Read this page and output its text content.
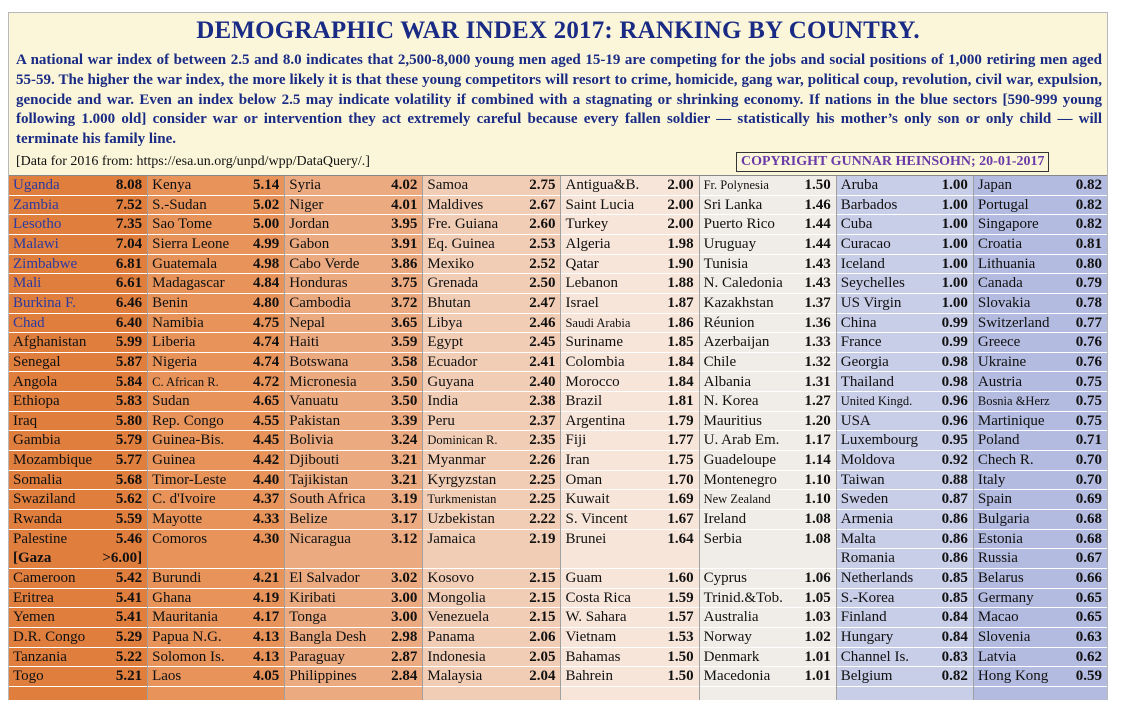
DEMOGRAPHIC WAR INDEX 2017: RANKING BY COUNTRY.
A national war index of between 2.5 and 8.0 indicates that 2,500-8,000 young men aged 15-19 are competing for the jobs and social positions of 1,000 retiring men aged 55-59. The higher the war index, the more likely it is that these young competitors will resort to crime, homicide, gang war, political coup, revolution, civil war, expulsion, genocide and war. Even an index below 2.5 may indicate volatility if combined with a stagnating or shrinking economy. If nations in the blue sectors [590-999 young following 1.000 old] consider war or intervention they act extremely careful because every fallen soldier — statistically his mother’s only son or only child — will terminate his family line.
[Data for 2016 from: https://esa.un.org/unpd/wpp/DataQuery/.]	COPYRIGHT GUNNAR HEINSOHN; 20-01-2017
Uganda	8.08
Zambia	7.52
Lesotho	7.35
Malawi	7.04
Zimbabwe	6.81
Mali	6.61
Burkina F.	6.46
Chad	6.40
Afghanistan 5.99
Senegal	5.87
Angola	5.84
Ethiopa	5.83
Iraq	5.80
Gambia	5.79
Mozambique 5.77
Somalia	5.68
Swaziland	5.62
Rwanda	5.59
Palestine	5.46
[Gaza	>6.00]
Cameroon	5.42
Eritrea	5.41
Yemen	5.41
D.R. Congo 5.29
Tanzania	5.22
Togo	5.21
Kenya	5.14
S.-Sudan	5.02
Sao Tome	5.00
Sierra Leone 4.99
Guatemala 4.98
Madagascar 4.84
Benin	4.80
Namibia	4.75
Liberia	4.74
Nigeria	4.74
C. African R. 4.72
Sudan	4.65
Rep. Congo 4.55
Guinea-Bis. 4.45
Guinea	4.42
Timor-Leste 4.40
C. d'Ivoire 4.37
Mayotte	4.33
Comoros	4.30
Burundi	4.21
Ghana	4.19
Mauritania 4.17
Papua N.G. 4.13
Solomon Is. 4.13
Laos	4.05
Syria	4.02
Niger	4.01
Jordan	3.95
Gabon	3.91
Cabo Verde 3.86
Honduras	3.75
Cambodia	3.72
Nepal	3.65
Haiti	3.59
Botswana	3.58
Micronesia 3.50
Vanuatu	3.50
Pakistan	3.39
Bolivia	3.24
Djibouti	3.21
Tajikistan	3.21
South Africa 3.19
Belize	3.17
Nicaragua	3.12
El Salvador 3.02
Kiribati	3.00
Tonga	3.00
Bangla Desh 2.98
Paraguay	2.87
Philippines 2.84
Samoa	2.75
Maldives	2.67
Fre. Guiana 2.60
Eq. Guinea 2.53
Mexiko	2.52
Grenada	2.50
Bhutan	2.47
Libya	2.46
Egypt	2.45
Ecuador	2.41
Guyana	2.40
India	2.38
Peru	2.37
Dominican R. 2.35
Myanmar	2.26
Kyrgyzstan 2.25
Turkmenistan 2.25
Uzbekistan 2.22
Jamaica	2.19
Kosovo	2.15
Mongolia	2.15
Venezuela	2.15
Panama	2.06
Indonesia	2.05
Malaysia	2.04
Antigua&B. 2.00
Saint Lucia 2.00
Turkey	2.00
Algeria	1.98
Qatar	1.90
Lebanon	1.88
Israel	1.87
Saudi Arabia 1.86
Suriname	1.85
Colombia	1.84
Morocco	1.84
Brazil	1.81
Argentina	1.79
Fiji	1.77
Iran	1.75
Oman	1.70
Kuwait	1.69
S. Vincent	1.67
Brunei	1.64
Guam	1.60
Costa Rica 1.59
W. Sahara	1.57
Vietnam	1.53
Bahamas	1.50
Bahrein	1.50
Fr. Polynesia 1.50
Sri Lanka	1.46
Puerto Rico 1.44
Uruguay	1.44
Tunisia	1.43
N. Caledonia 1.43
Kazakhstan 1.37
Réunion	1.36
Azerbaijan 1.33
Chile	1.32
Albania	1.31
N. Korea	1.27
Mauritius	1.20
U. Arab Em. 1.17
Guadeloupe 1.14
Montenegro 1.10
New Zealand 1.10
Ireland	1.08
Serbia	1.08
Cyprus	1.06
Trinid.&Tob. 1.05
Australia	1.03
Norway	1.02
Denmark	1.01
Macedonia 1.01
Aruba	1.00
Barbados	1.00
Cuba	1.00
Curacao	1.00
Iceland	1.00
Seychelles 1.00
US Virgin	1.00
China	0.99
France	0.99
Georgia	0.98
Thailand	0.98
United Kingd. 0.96
USA	0.96
Luxembourg 0.95
Moldova	0.92
Taiwan	0.88
Sweden	0.87
Armenia	0.86
Malta	0.86
Romania	0.86
Netherlands 0.85
S.-Korea	0.85
Finland	0.84
Hungary	0.84
Channel Is. 0.83
Belgium	0.82
Japan	0.82
Portugal	0.82
Singapore 0.82
Croatia	0.81
Lithuania	0.80
Canada	0.79
Slovakia	0.78
Switzerland 0.77
Greece	0.76
Ukraine	0.76
Austria	0.75
Bosnia &Herz 0.75
Martinique 0.75
Poland	0.71
Chech R.	0.70
Italy	0.70
Spain	0.69
Bulgaria	0.68
Estonia	0.68
Russia	0.67
Belarus	0.66
Germany	0.65
Macao	0.65
Slovenia	0.63
Latvia	0.62
Hong Kong 0.59
